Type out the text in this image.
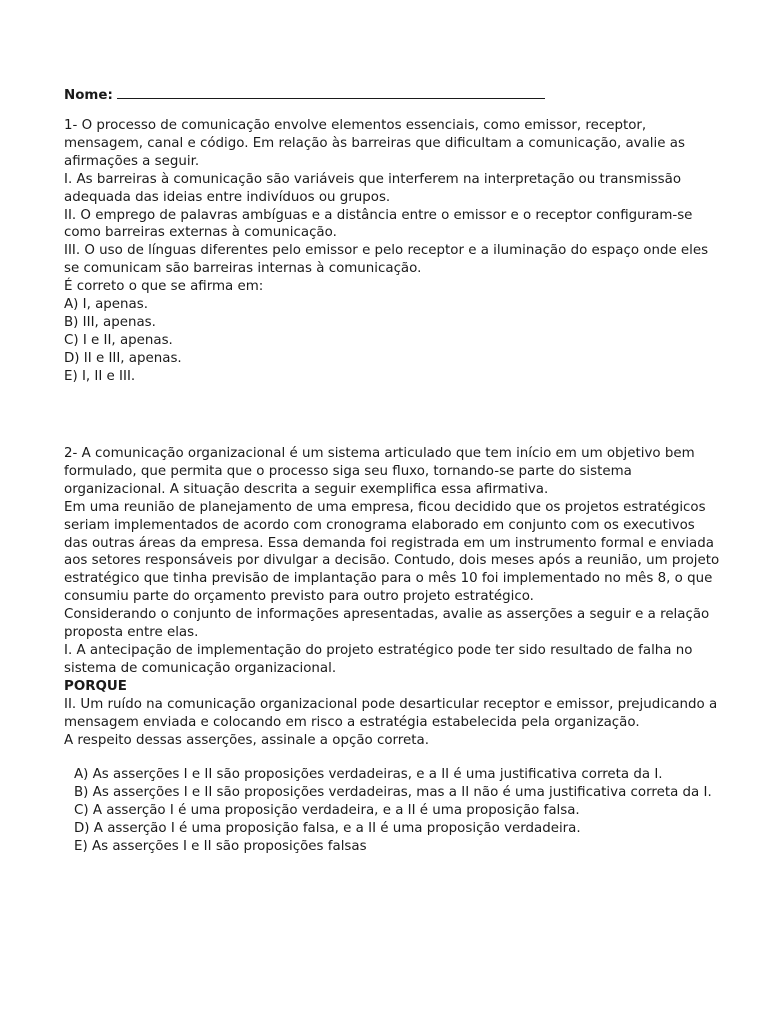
Nome:

1- O processo de comunicação envolve elementos essenciais, como emissor, receptor,

mensagem, canal e código. Em relação às barreiras que dificultam a comunicação, avalie as

afirmações a seguir.

I. As barreiras à comunicação são variáveis que interferem na interpretação ou transmissão

adequada das ideias entre indivíduos ou grupos.

II. O emprego de palavras ambíguas e a distância entre o emissor e o receptor configuram-se

como barreiras externas à comunicação.

III. O uso de línguas diferentes pelo emissor e pelo receptor e a iluminação do espaço onde eles

se comunicam são barreiras internas à comunicação.

É correto o que se afirma em:

A) I, apenas.

B) III, apenas.

C) I e II, apenas.

D) II e III, apenas.

E) I, II e III.

2- A comunicação organizacional é um sistema articulado que tem início em um objetivo bem

formulado, que permita que o processo siga seu fluxo, tornando-se parte do sistema

organizacional. A situação descrita a seguir exemplifica essa afirmativa.

Em uma reunião de planejamento de uma empresa, ficou decidido que os projetos estratégicos

seriam implementados de acordo com cronograma elaborado em conjunto com os executivos

das outras áreas da empresa. Essa demanda foi registrada em um instrumento formal e enviada

aos setores responsáveis por divulgar a decisão. Contudo, dois meses após a reunião, um projeto

estratégico que tinha previsão de implantação para o mês 10 foi implementado no mês 8, o que

consumiu parte do orçamento previsto para outro projeto estratégico.

Considerando o conjunto de informações apresentadas, avalie as asserções a seguir e a relação

proposta entre elas.

I. A antecipação de implementação do projeto estratégico pode ter sido resultado de falha no

sistema de comunicação organizacional.

PORQUE

II. Um ruído na comunicação organizacional pode desarticular receptor e emissor, prejudicando a

mensagem enviada e colocando em risco a estratégia estabelecida pela organização.

A respeito dessas asserções, assinale a opção correta.

A) As asserções I e II são proposições verdadeiras, e a II é uma justificativa correta da I.

B) As asserções I e II são proposições verdadeiras, mas a II não é uma justificativa correta da I.

C) A asserção I é uma proposição verdadeira, e a II é uma proposição falsa.

D) A asserção I é uma proposição falsa, e a II é uma proposição verdadeira.

E) As asserções I e II são proposições falsas
